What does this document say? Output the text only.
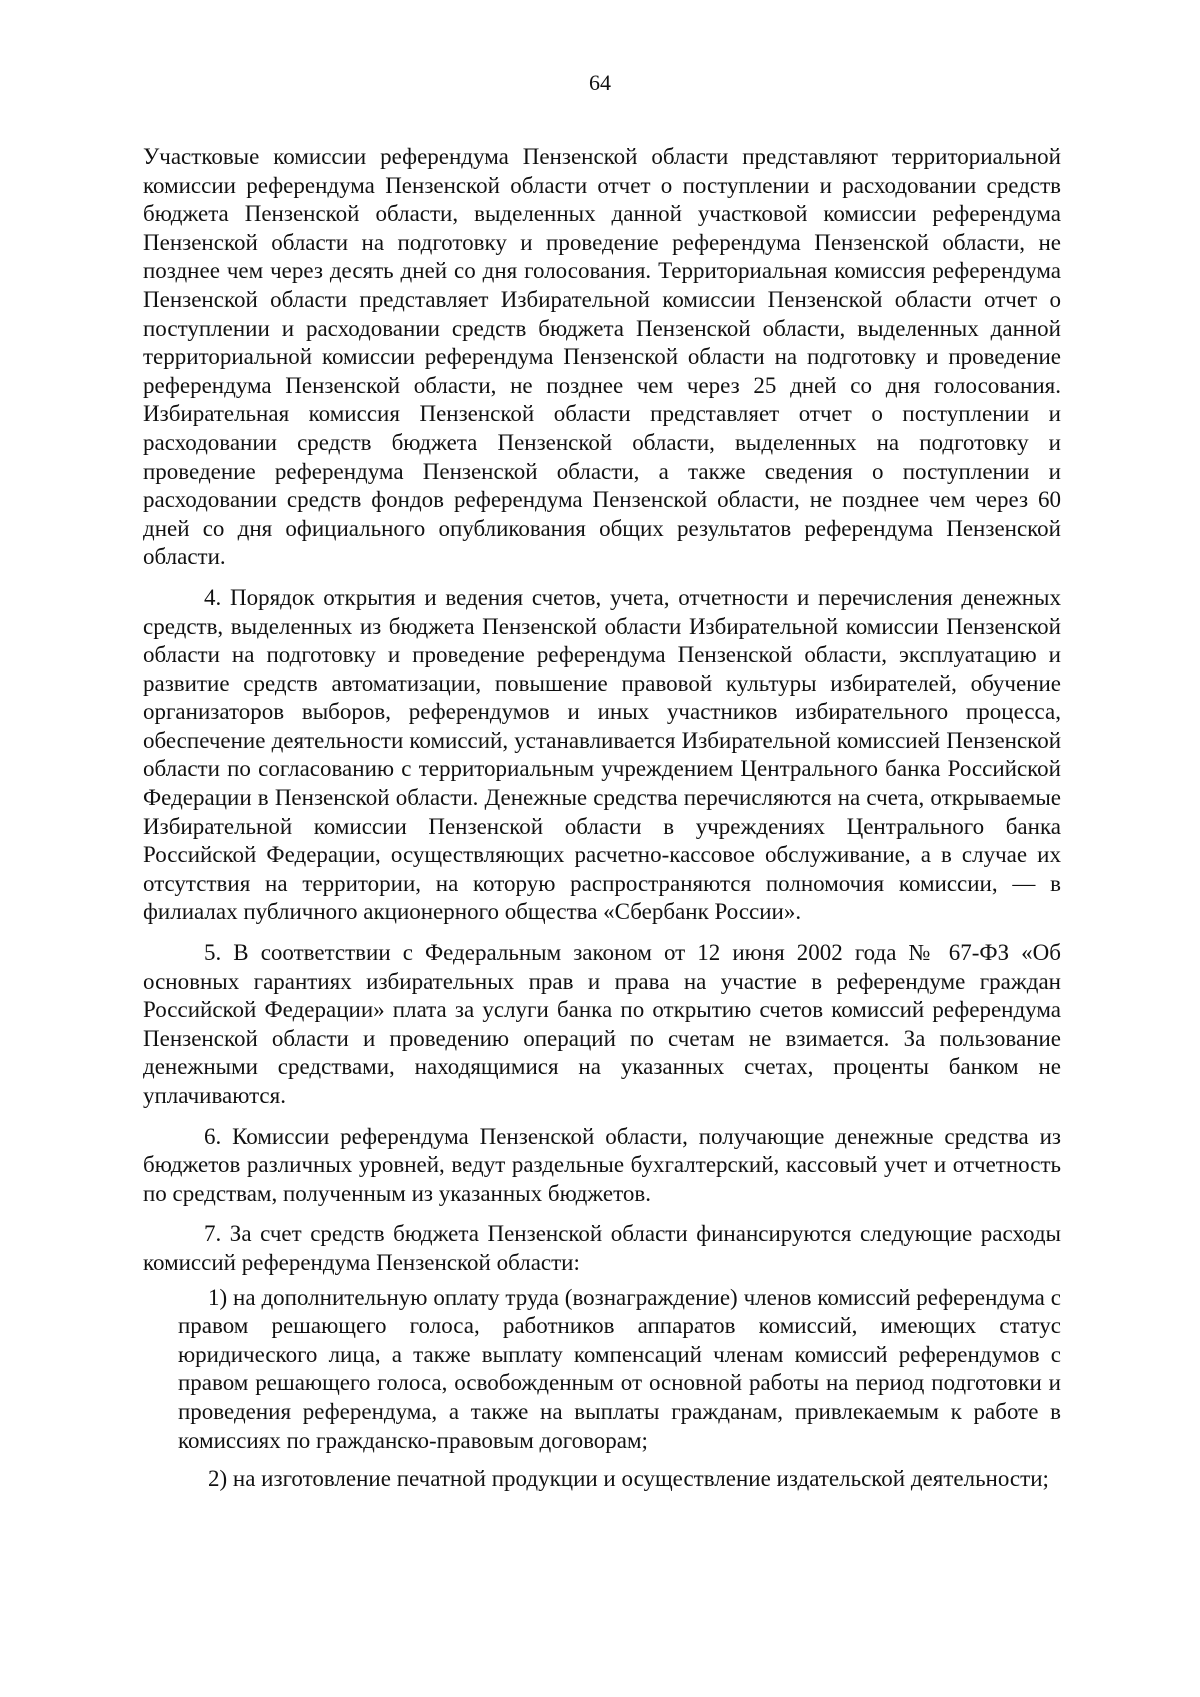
64

Участковые комиссии референдума Пензенской области представляют территориальной комиссии референдума Пензенской области отчет о поступлении и расходовании средств бюджета Пензенской области, выделенных данной участковой комиссии референдума Пензенской области на подготовку и проведение референдума Пензенской области, не позднее чем через десять дней со дня голосования. Территориальная комиссия референдума Пензенской области представляет Избирательной комиссии Пензенской области отчет о поступлении и расходовании средств бюджета Пензенской области, выделенных данной территориальной комиссии референдума Пензенской области на подготовку и проведение референдума Пензенской области, не позднее чем через 25 дней со дня голосования. Избирательная комиссия Пензенской области представляет отчет о поступлении и расходовании средств бюджета Пензенской области, выделенных на подготовку и проведение референдума Пензенской области, а также сведения о поступлении и расходовании средств фондов референдума Пензенской области, не позднее чем через 60 дней со дня официального опубликования общих результатов референдума Пензенской области.

4. Порядок открытия и ведения счетов, учета, отчетности и перечисления денежных средств, выделенных из бюджета Пензенской области Избирательной комиссии Пензенской области на подготовку и проведение референдума Пензенской области, эксплуатацию и развитие средств автоматизации, повышение правовой культуры избирателей, обучение организаторов выборов, референдумов и иных участников избирательного процесса, обеспечение деятельности комиссий, устанавливается Избирательной комиссией Пензенской области по согласованию с территориальным учреждением Центрального банка Российской Федерации в Пензенской области. Денежные средства перечисляются на счета, открываемые Избирательной комиссии Пензенской области в учреждениях Центрального банка Российской Федерации, осуществляющих расчетно-кассовое обслуживание, а в случае их отсутствия на территории, на которую распространяются полномочия комиссии, — в филиалах публичного акционерного общества «Сбербанк России».

5. В соответствии с Федеральным законом от 12 июня 2002 года № 67-ФЗ «Об основных гарантиях избирательных прав и права на участие в референдуме граждан Российской Федерации» плата за услуги банка по открытию счетов комиссий референдума Пензенской области и проведению операций по счетам не взимается. За пользование денежными средствами, находящимися на указанных счетах, проценты банком не уплачиваются.

6. Комиссии референдума Пензенской области, получающие денежные средства из бюджетов различных уровней, ведут раздельные бухгалтерский, кассовый учет и отчетность по средствам, полученным из указанных бюджетов.

7. За счет средств бюджета Пензенской области финансируются следующие расходы комиссий референдума Пензенской области:

1) на дополнительную оплату труда (вознаграждение) членов комиссий референдума с правом решающего голоса, работников аппаратов комиссий, имеющих статус юридического лица, а также выплату компенсаций членам комиссий референдумов с правом решающего голоса, освобожденным от основной работы на период подготовки и проведения референдума, а также на выплаты гражданам, привлекаемым к работе в комиссиях по гражданско-правовым договорам;

2) на изготовление печатной продукции и осуществление издательской деятельности;
